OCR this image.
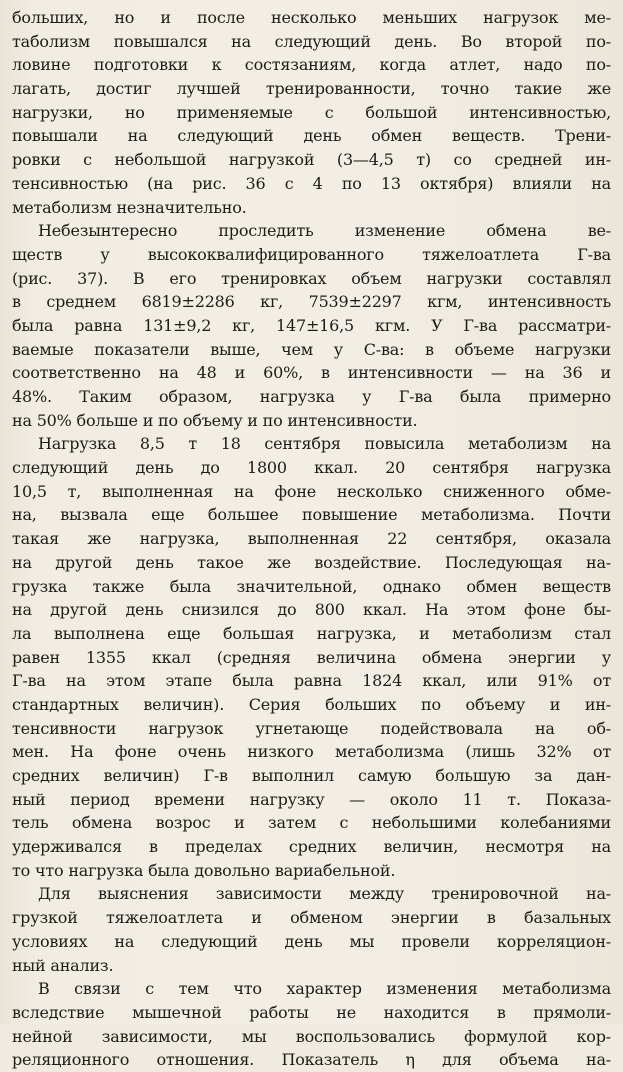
больших, но и после несколько меньших нагрузок ме-
таболизм повышался на следующий день. Во второй по-
ловине подготовки к состязаниям, когда атлет, надо по-
лагать, достиг лучшей тренированности, точно такие же
нагрузки, но применяемые с большой интенсивностью,
повышали на следующий день обмен веществ. Трени-
ровки с небольшой нагрузкой (3—4,5 т) со средней ин-
тенсивностью (на рис. 36 с 4 по 13 октября) влияли на
метаболизм незначительно.

Небезынтересно проследить изменение обмена ве-
ществ у высококвалифицированного тяжелоатлета Г-ва
(рис. 37). В его тренировках объем нагрузки составлял
в среднем 6819±2286 кг, 7539±2297 кгм, интенсивность
была равна 131±9,2 кг, 147±16,5 кгм. У Г-ва рассматри-
ваемые показатели выше, чем у С-ва: в объеме нагрузки
соответственно на 48 и 60%, в интенсивности — на 36 и
48%. Таким образом, нагрузка у Г-ва была примерно
на 50% больше и по объему и по интенсивности.

Нагрузка 8,5 т 18 сентября повысила метаболизм на
следующий день до 1800 ккал. 20 сентября нагрузка
10,5 т, выполненная на фоне несколько сниженного обме-
на, вызвала еще большее повышение метаболизма. Почти
такая же нагрузка, выполненная 22 сентября, оказала
на другой день такое же воздействие. Последующая на-
грузка также была значительной, однако обмен веществ
на другой день снизился до 800 ккал. На этом фоне бы-
ла выполнена еще большая нагрузка, и метаболизм стал
равен 1355 ккал (средняя величина обмена энергии у
Г-ва на этом этапе была равна 1824 ккал, или 91% от
стандартных величин). Серия больших по объему и ин-
тенсивности нагрузок угнетающе подействовала на об-
мен. На фоне очень низкого метаболизма (лишь 32% от
средних величин) Г-в выполнил самую большую за дан-
ный период времени нагрузку — около 11 т. Показа-
тель обмена возрос и затем с небольшими колебаниями
удерживался в пределах средних величин, несмотря на
то что нагрузка была довольно вариабельной.

Для выяснения зависимости между тренировочной на-
грузкой тяжелоатлета и обменом энергии в базальных
условиях на следующий день мы провели корреляцион-
ный анализ.

В связи с тем что характер изменения метаболизма
вследствие мышечной работы не находится в прямоли-
нейной зависимости, мы воспользовались формулой кор-
реляционного отношения. Показатель η для объема на-
